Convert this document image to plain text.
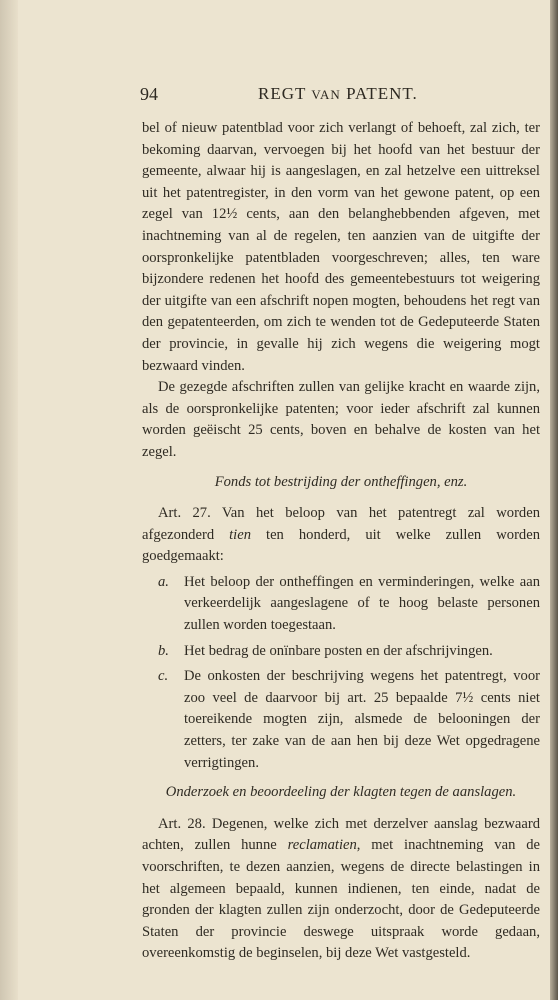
94	REGT VAN PATENT.

bel of nieuw patentblad voor zich verlangt of behoeft, zal zich, ter bekoming daarvan, vervoegen bij het hoofd van het bestuur der gemeente, alwaar hij is aangeslagen, en zal hetzelve een uittreksel uit het patentregister, in den vorm van het gewone patent, op een zegel van 12½ cents, aan den belanghebbenden afgeven, met inachtneming van al de regelen, ten aanzien van de uitgifte der oorspronkelijke patentbladen voorgeschreven; alles, ten ware bijzondere redenen het hoofd des gemeentebestuurs tot weigering der uitgifte van een afschrift nopen mogten, behoudens het regt van den gepatenteerden, om zich te wenden tot de Gedeputeerde Staten der provincie, in gevalle hij zich wegens die weigering mogt bezwaard vinden.

De gezegde afschriften zullen van gelijke kracht en waarde zijn, als de oorspronkelijke patenten; voor ieder afschrift zal kunnen worden geëischt 25 cents, boven en behalve de kosten van het zegel.

Fonds tot bestrijding der ontheffingen, enz.

Art. 27. Van het beloop van het patentregt zal worden afgezonderd tien ten honderd, uit welke zullen worden goedgemaakt:

a.	Het beloop der ontheffingen en verminderingen, welke aan verkeerdelijk aangeslagene of te hoog belaste personen zullen worden toegestaan.
b.	Het bedrag de onïnbare posten en der afschrijvingen.
c.	De onkosten der beschrijving wegens het patentregt, voor zoo veel de daarvoor bij art. 25 bepaalde 7½ cents niet toereikende mogten zijn, alsmede de belooningen der zetters, ter zake van de aan hen bij deze Wet opgedragene verrigtingen.

Onderzoek en beoordeeling der klagten tegen de aanslagen.

Art. 28. Degenen, welke zich met derzelver aanslag bezwaard achten, zullen hunne reclamatien, met inachtneming van de voorschriften, te dezen aanzien, wegens de directe belastingen in het algemeen bepaald, kunnen indienen, ten einde, nadat de gronden der klagten zullen zijn onderzocht, door de Gedeputeerde Staten der provincie deswege uitspraak worde gedaan, overeenkomstig de beginselen, bij deze Wet vastgesteld.
